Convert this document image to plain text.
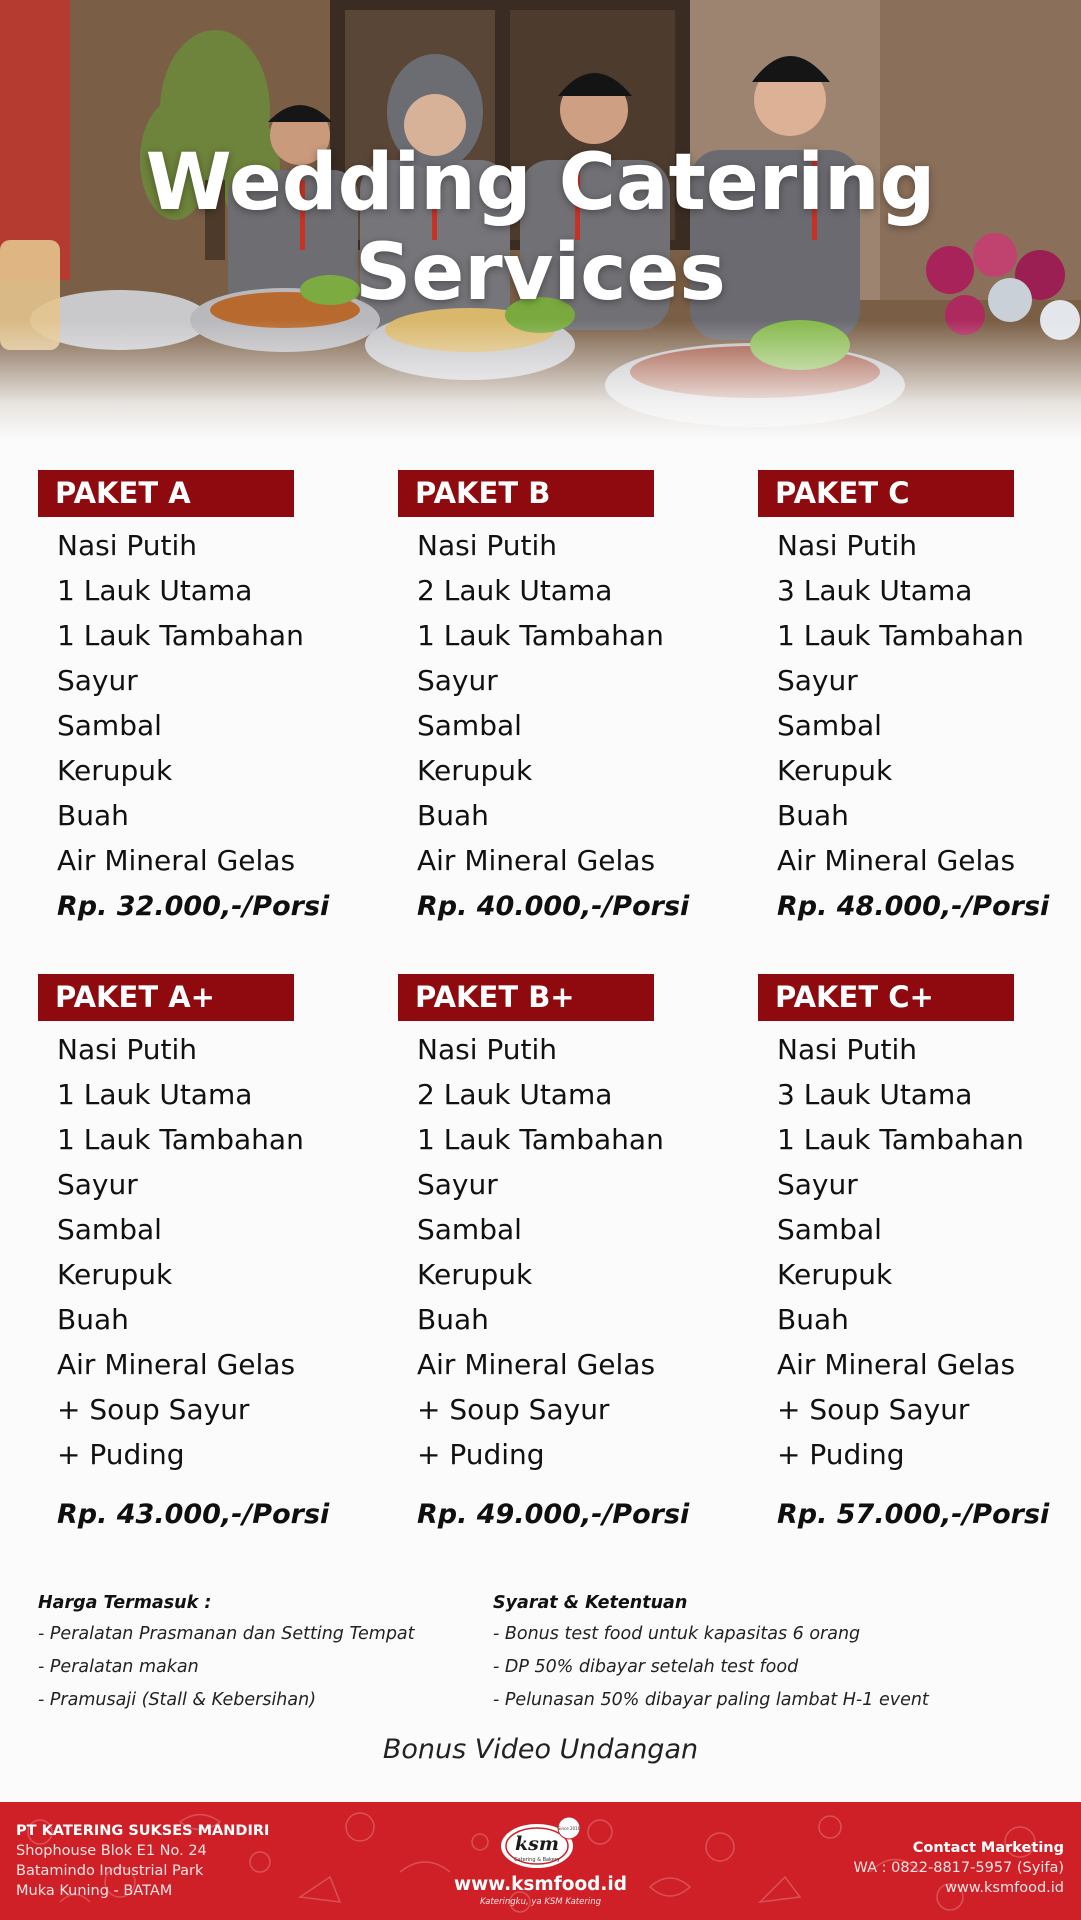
Wedding Catering
Services
PAKET A
Nasi Putih
1 Lauk Utama
1 Lauk Tambahan
Sayur
Sambal
Kerupuk
Buah
Air Mineral Gelas
Rp. 32.000,-/Porsi
PAKET B
Nasi Putih
2 Lauk Utama
1 Lauk Tambahan
Sayur
Sambal
Kerupuk
Buah
Air Mineral Gelas
Rp. 40.000,-/Porsi
PAKET C
Nasi Putih
3 Lauk Utama
1 Lauk Tambahan
Sayur
Sambal
Kerupuk
Buah
Air Mineral Gelas
Rp. 48.000,-/Porsi
PAKET A+
Nasi Putih
1 Lauk Utama
1 Lauk Tambahan
Sayur
Sambal
Kerupuk
Buah
Air Mineral Gelas
+ Soup Sayur
+ Puding
Rp. 43.000,-/Porsi
PAKET B+
Nasi Putih
2 Lauk Utama
1 Lauk Tambahan
Sayur
Sambal
Kerupuk
Buah
Air Mineral Gelas
+ Soup Sayur
+ Puding
Rp. 49.000,-/Porsi
PAKET C+
Nasi Putih
3 Lauk Utama
1 Lauk Tambahan
Sayur
Sambal
Kerupuk
Buah
Air Mineral Gelas
+ Soup Sayur
+ Puding
Rp. 57.000,-/Porsi
Harga Termasuk :

- Peralatan Prasmanan dan Setting Tempat

- Peralatan makan

- Pramusaji (Stall & Kebersihan)

Syarat & Ketentuan

- Bonus test food untuk kapasitas 6 orang

- DP 50% dibayar setelah test food

- Pelunasan 50% dibayar paling lambat H-1 event

Bonus Video Undangan
PT KATERING SUKSES MANDIRI
Shophouse Blok E1 No. 24
Batamindo Industrial Park
Muka Kuning - BATAM
ksm
Catering & Bakery
Since 2016
www.ksmfood.id
Kateringku, ya KSM Katering
Contact Marketing
WA : 0822-8817-5957 (Syifa)
www.ksmfood.id
